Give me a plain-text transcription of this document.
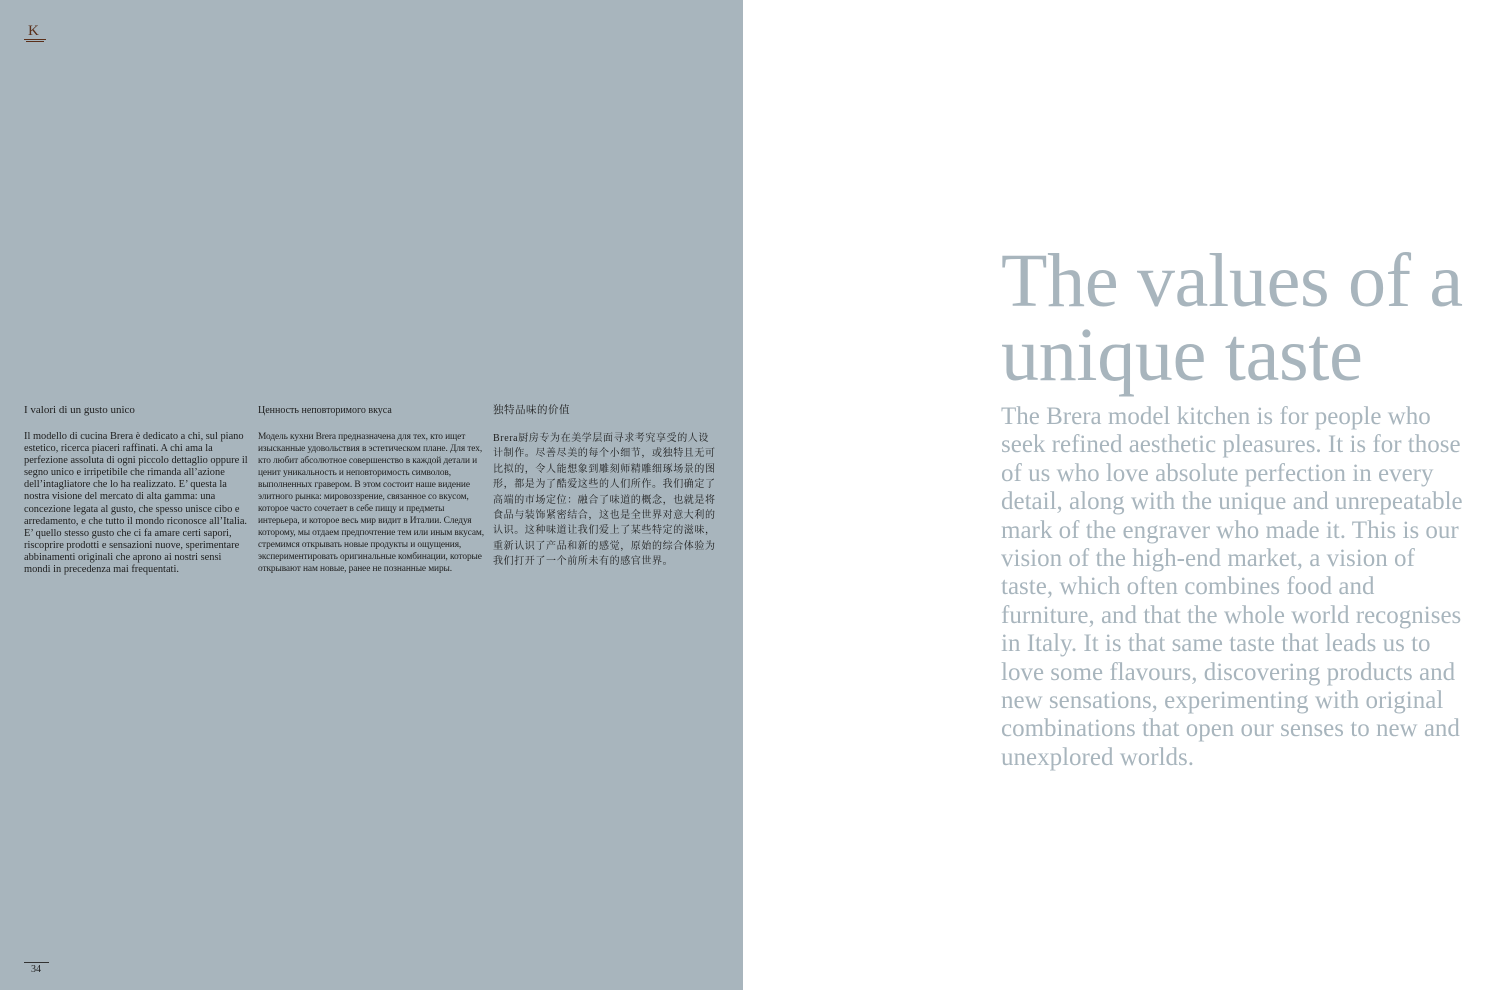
K
I valori di un gusto unico

Il modello di cucina Brera è dedicato a chi, sul piano estetico, ricerca piaceri raffinati. A chi ama la perfezione assoluta di ogni piccolo dettaglio oppure il segno unico e irripetibile che rimanda all’azione dell’intagliatore che lo ha realizzato. E’ questa la nostra visione del mercato di alta gamma: una concezione legata al gusto, che spesso unisce cibo e arredamento, e che tutto il mondo riconosce all’Italia. E’ quello stesso gusto che ci fa amare certi sapori, riscoprire prodotti e sensazioni nuove, sperimentare abbinamenti originali che aprono ai nostri sensi mondi in precedenza mai frequentati.

Ценность неповторимого вкуса

Модель кухни Brera предназначена для тех, кто ищет изысканные удовольствия в эстетическом плане. Для тех, кто любит абсолютное совершенство в каждой детали и ценит уникальность и неповторимость символов, выполненных гравером. В этом состоит наше видение элитного рынка: мировоззрение, связанное со вкусом, которое часто сочетает в себе пищу и предметы интерьера, и которое весь мир видит в Италии. Следуя которому, мы отдаем предпочтение тем или иным вкусам, стремимся открывать новые продукты и ощущения, экспериментировать оригинальные комбинации, которые открывают нам новые, ранее не познанные миры.

独特品味的价值

Brera厨房专为在美学层面寻求考究享受的人设计制作。尽善尽美的每个小细节，或独特且无可比拟的，令人能想象到雕刻师精雕细琢场景的图形，都是为了酷爱这些的人们所作。我们确定了高端的市场定位：融合了味道的概念，也就是将食品与装饰紧密结合，这也是全世界对意大利的认识。这种味道让我们爱上了某些特定的滋味，重新认识了产品和新的感觉，原始的综合体验为我们打开了一个前所未有的感官世界。

34
The values of a unique taste

The Brera model kitchen is for people who seek refined aesthetic pleasures. It is for those of us who love absolute perfection in every detail, along with the unique and unrepeatable mark of the engraver who made it. This is our vision of the high-end market, a vision of taste, which often combines food and furniture, and that the whole world recognises in Italy. It is that same taste that leads us to love some flavours, discovering products and new sensations, experimenting with original combinations that open our senses to new and unexplored worlds.
